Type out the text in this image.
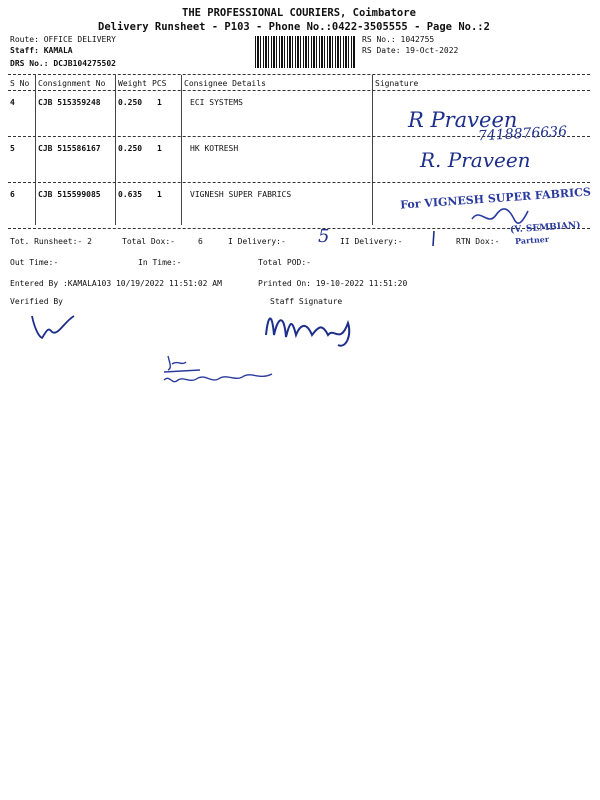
THE PROFESSIONAL COURIERS, Coimbatore
Delivery Runsheet - P103 - Phone No.:0422-3505555 - Page No.:2
Route: OFFICE DELIVERY
Staff: KAMALA
DRS No.: DCJB104275502
RS No.: 1042755
RS Date: 19-Oct-2022
S No Consignment No Weight PCS Consignee Details	Signature
4	CJB 515359248 0.250 1	ECI SYSTEMS
5	CJB 515586167 0.250 1	HK KOTRESH
6	CJB 515599085 0.635 1	VIGNESH SUPER FABRICS
R Praveen
7418876636
R. Praveen
For VIGNESH SUPER FABRICS
(V. SEMBIAN)
Partner
Tot. Runsheet:- 2	Total Dox:-	6	I Delivery:- 5 II Delivery:-	RTN Dox:-
Out Time:-	In Time:-	Total POD:-
Entered By :KAMALA103 10/19/2022 11:51:02 AM	Printed On: 19-10-2022 11:51:20
Verified By	Staff Signature
